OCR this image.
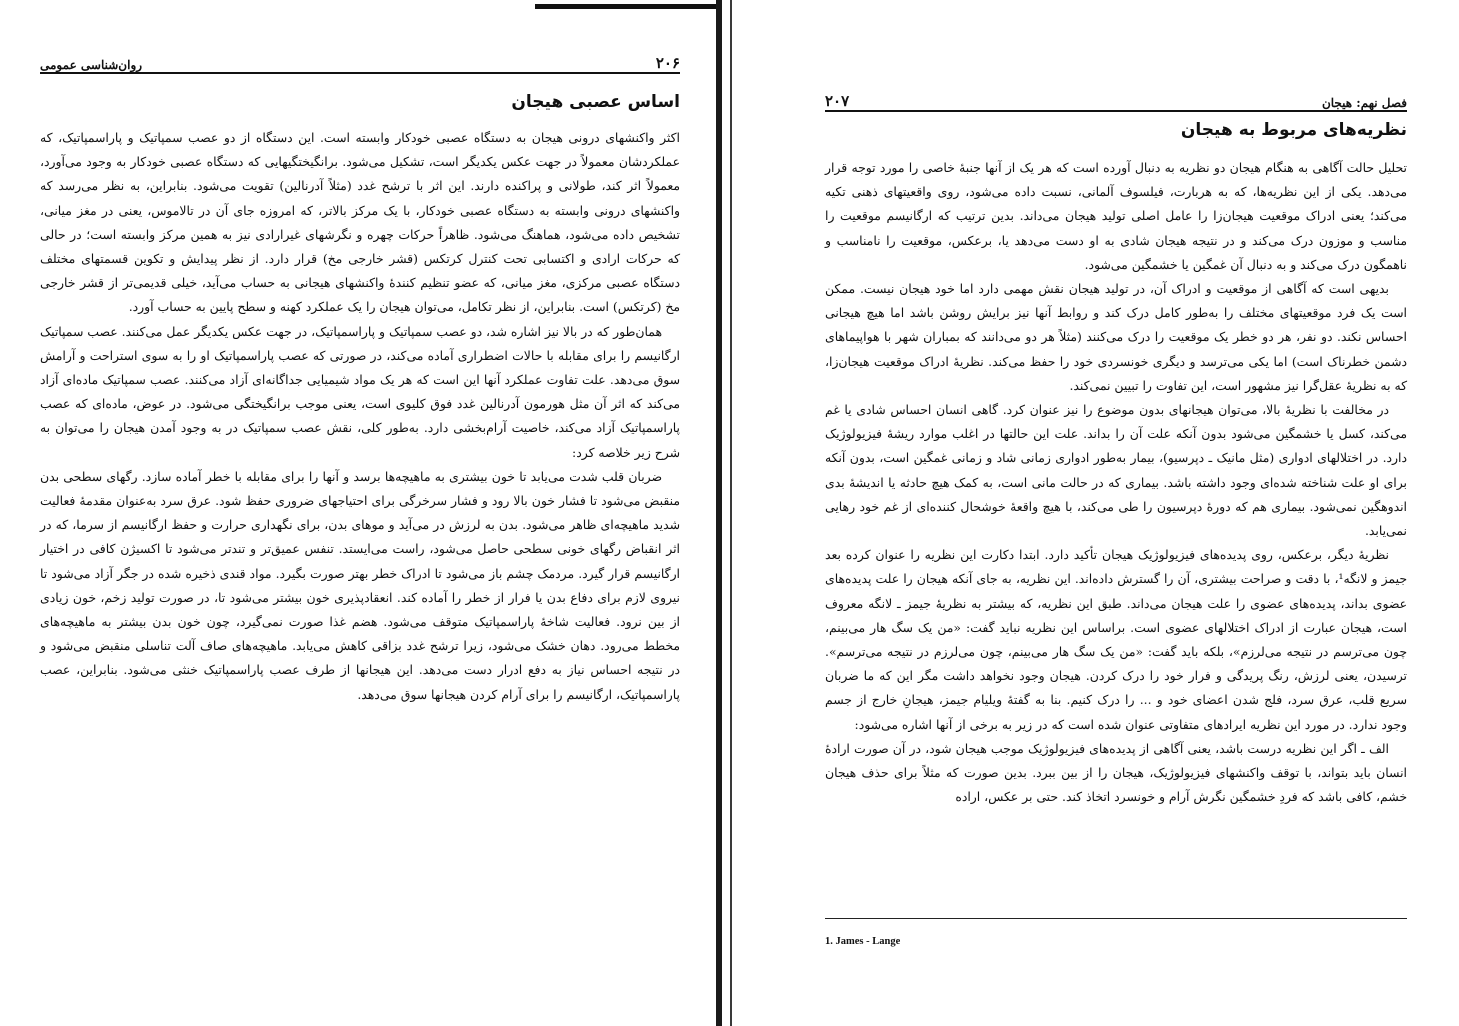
۲۰۶
روان‌شناسی عمومی
اساس عصبی هیجان

اکثر واکنشهای درونی هیجان به دستگاه عصبی خودکار وابسته است. این دستگاه از دو عصب سمپاتیک و پاراسمپاتیک، که عملکردشان معمولاً در جهت عکس یکدیگر است، تشکیل می‌شود. برانگیختگیهایی که دستگاه عصبی خودکار به وجود می‌آورد، معمولاً اثر کند، طولانی و پراکنده دارند. این اثر با ترشح غدد (مثلاً آدرنالین) تقویت می‌شود. بنابراین، به نظر می‌رسد که واکنشهای درونی وابسته به دستگاه عصبی خودکار، با یک مرکز بالاتر، که امروزه جای آن در تالاموس، یعنی در مغز میانی، تشخیص داده می‌شود، هماهنگ می‌شود. ظاهراً حرکات چهره و نگرشهای غیرارادی نیز به همین مرکز وابسته است؛ در حالی که حرکات ارادی و اکتسابی تحت کنترل کرتکس (قشر خارجی مخ) قرار دارد. از نظر پیدایش و تکوین قسمتهای مختلف دستگاه عصبی مرکزی، مغز میانی، که عضو تنظیم کنندهٔ واکنشهای هیجانی به حساب می‌آید، خیلی قدیمی‌تر از قشر خارجی مخ (کرتکس) است. بنابراین، از نظر تکامل، می‌توان هیجان را یک عملکرد کهنه و سطح پایین به حساب آورد.

همان‌طور که در بالا نیز اشاره شد، دو عصب سمپاتیک و پاراسمپاتیک، در جهت عکس یکدیگر عمل می‌کنند. عصب سمپاتیک ارگانیسم را برای مقابله با حالات اضطراری آماده می‌کند، در صورتی که عصب پاراسمپاتیک او را به سوی استراحت و آرامش سوق می‌دهد. علت تفاوت عملکرد آنها این است که هر یک مواد شیمیایی جداگانه‌ای آزاد می‌کنند. عصب سمپاتیک ماده‌ای آزاد می‌کند که اثر آن مثل هورمون آدرنالین غدد فوق کلیوی است، یعنی موجب برانگیختگی می‌شود. در عوض، ماده‌ای که عصب پاراسمپاتیک آزاد می‌کند، خاصیت آرام‌بخشی دارد. به‌طور کلی، نقش عصب سمپاتیک در به وجود آمدن هیجان را می‌توان به شرح زیر خلاصه کرد:

ضربان قلب شدت می‌یابد تا خون بیشتری به ماهیچه‌ها برسد و آنها را برای مقابله با خطر آماده سازد. رگهای سطحی بدن منقبض می‌شود تا فشار خون بالا رود و فشار سرخرگی برای احتیاجهای ضروری حفظ شود. عرق سرد به‌عنوان مقدمهٔ فعالیت شدید ماهیچه‌ای ظاهر می‌شود. بدن به لرزش در می‌آید و موهای بدن، برای نگهداری حرارت و حفظ ارگانیسم از سرما، که در اثر انقباض رگهای خونی سطحی حاصل می‌شود، راست می‌ایستد. تنفس عمیق‌تر و تندتر می‌شود تا اکسیژن کافی در اختیار ارگانیسم قرار گیرد. مردمک چشم باز می‌شود تا ادراک خطر بهتر صورت بگیرد. مواد قندی ذخیره شده در جگر آزاد می‌شود تا نیروی لازم برای دفاع بدن یا فرار از خطر را آماده کند. انعقادپذیری خون بیشتر می‌شود تا، در صورت تولید زخم، خون زیادی از بین نرود. فعالیت شاخهٔ پاراسمپاتیک متوقف می‌شود. هضم غذا صورت نمی‌گیرد، چون خون بدن بیشتر به ماهیچه‌های مخطط می‌رود. دهان خشک می‌شود، زیرا ترشح غدد بزاقی کاهش می‌یابد. ماهیچه‌های صاف آلت تناسلی منقبض می‌شود و در نتیجه احساس نیاز به دفع ادرار دست می‌دهد. این هیجانها از طرف عصب پاراسمپاتیک خنثی می‌شود. بنابراین، عصب پاراسمپاتیک، ارگانیسم را برای آرام کردن هیجانها سوق می‌دهد.

فصل نهم: هیجان
۲۰۷
نظریه‌های مربوط به هیجان

تحلیل حالت آگاهی به هنگام هیجان دو نظریه به دنبال آورده است که هر یک از آنها جنبهٔ خاصی را مورد توجه قرار می‌دهد. یکی از این نظریه‌ها، که به هربارت، فیلسوف آلمانی، نسبت داده می‌شود، روی واقعیتهای ذهنی تکیه می‌کند؛ یعنی ادراک موقعیت هیجان‌زا را عامل اصلی تولید هیجان می‌داند. بدین ترتیب که ارگانیسم موقعیت را مناسب و موزون درک می‌کند و در نتیجه هیجان شادی به او دست می‌دهد یا، برعکس، موقعیت را نامناسب و ناهمگون درک می‌کند و به دنبال آن غمگین یا خشمگین می‌شود.

بدیهی است که آگاهی از موقعیت و ادراک آن، در تولید هیجان نقش مهمی دارد اما خود هیجان نیست. ممکن است یک فرد موقعیتهای مختلف را به‌طور کامل درک کند و روابط آنها نیز برایش روشن باشد اما هیچ هیجانی احساس نکند. دو نفر، هر دو خطر یک موقعیت را درک می‌کنند (مثلاً هر دو می‌دانند که بمباران شهر با هواپیماهای دشمن خطرناک است) اما یکی می‌ترسد و دیگری خونسردی خود را حفظ می‌کند. نظریهٔ ادراک موقعیت هیجان‌زا، که به نظریهٔ عقل‌گرا نیز مشهور است، این تفاوت را تبیین نمی‌کند.

در مخالفت با نظریهٔ بالا، می‌توان هیجانهای بدون موضوع را نیز عنوان کرد. گاهی انسان احساس شادی یا غم می‌کند، کسل یا خشمگین می‌شود بدون آنکه علت آن را بداند. علت این حالتها در اغلب موارد ریشهٔ فیزیولوژیک دارد. در اختلالهای ادواری (مثل مانیک ـ دپرسیو)، بیمار به‌طور ادواری زمانی شاد و زمانی غمگین است، بدون آنکه برای او علت شناخته شده‌ای وجود داشته باشد. بیماری که در حالت مانی است، به کمک هیچ حادثه یا اندیشهٔ بدی اندوهگین نمی‌شود. بیماری هم که دورهٔ دپرسیون را طی می‌کند، با هیچ واقعهٔ خوشحال کننده‌ای از غم خود رهایی نمی‌یابد.

نظریهٔ دیگر، برعکس، روی پدیده‌های فیزیولوژیک هیجان تأکید دارد. ابتدا دکارت این نظریه را عنوان کرده بعد جیمز و لانگه¹، با دقت و صراحت بیشتری، آن را گسترش داده‌اند. این نظریه، به جای آنکه هیجان را علت پدیده‌های عضوی بداند، پدیده‌های عضوی را علت هیجان می‌داند. طبق این نظریه، که بیشتر به نظریهٔ جیمز ـ لانگه معروف است، هیجان عبارت از ادراک اختلالهای عضوی است. براساس این نظریه نباید گفت: «من یک سگ هار می‌بینم، چون می‌ترسم در نتیجه می‌لرزم»، بلکه باید گفت: «من یک سگ هار می‌بینم، چون می‌لرزم در نتیجه می‌ترسم». ترسیدن، یعنی لرزش، رنگ پریدگی و فرار خود را درک کردن. هیجان وجود نخواهد داشت مگر این که ما ضربان سریع قلب، عرق سرد، فلج شدن اعضای خود و ... را درک کنیم. بنا به گفتهٔ ویلیام جیمز، هیجانِ خارج از جسم وجود ندارد. در مورد این نظریه ایرادهای متفاوتی عنوان شده است که در زیر به برخی از آنها اشاره می‌شود:

الف ـ اگر این نظریه درست باشد، یعنی آگاهی از پدیده‌های فیزیولوژیک موجب هیجان شود، در آن صورت ارادهٔ انسان باید بتواند، با توقف واکنشهای فیزیولوژیک، هیجان را از بین ببرد. بدین صورت که مثلاً برای حذف هیجان خشم، کافی باشد که فردِ خشمگین نگرش آرام و خونسرد اتخاذ کند. حتی بر عکس، اراده

1. James - Lange
